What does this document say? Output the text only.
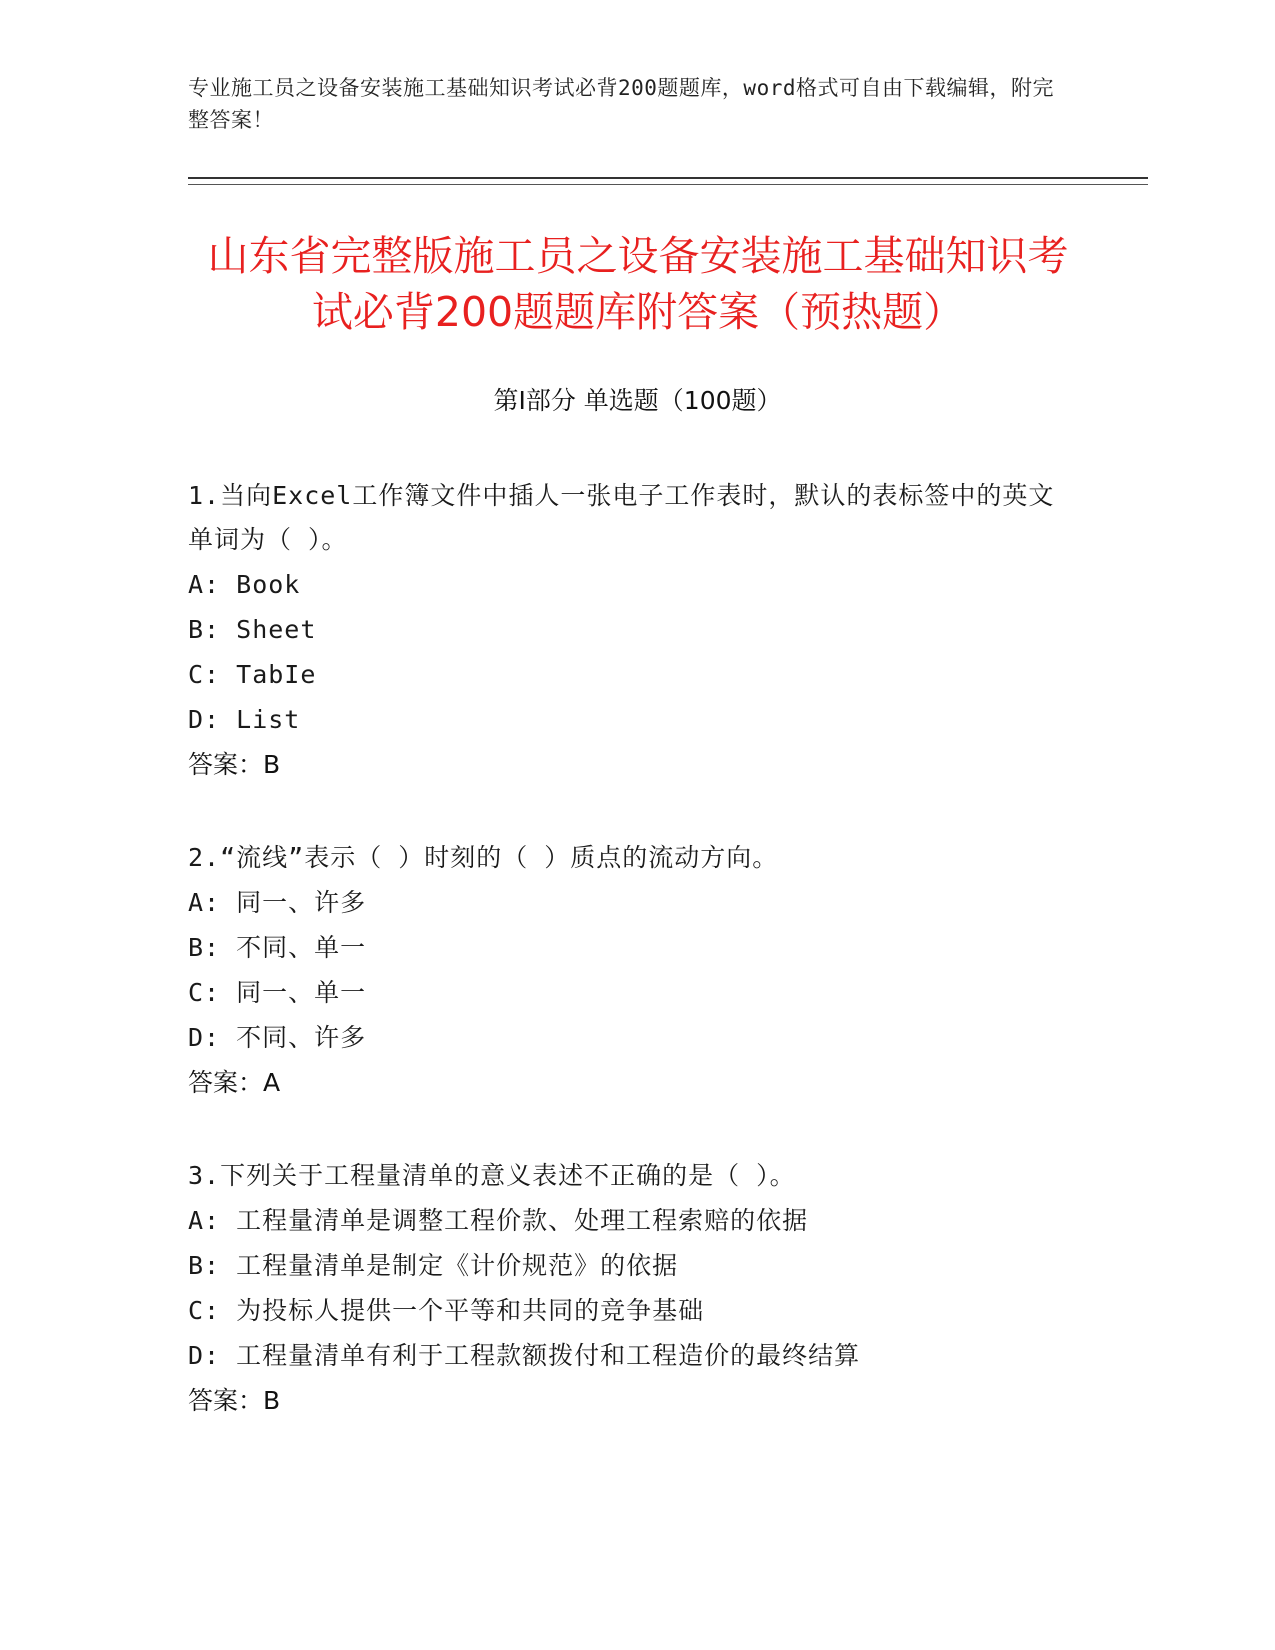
专业施工员之设备安装施工基础知识考试必背200题题库，word格式可自由下载编辑，附完整答案！
山东省完整版施工员之设备安装施工基础知识考试必背200题题库附答案（预热题）
第Ⅰ部分 单选题（100题）
1.当向Excel工作簿文件中插人一张电子工作表时，默认的表标签中的英文单词为（ ）。
A: Book
B: Sheet
C: TabIe
D: List
答案：B
2.“流线”表示（ ）时刻的（ ）质点的流动方向。
A: 同一、许多
B: 不同、单一
C: 同一、单一
D: 不同、许多
答案：A
3.下列关于工程量清单的意义表述不正确的是（ ）。
A: 工程量清单是调整工程价款、处理工程索赔的依据
B: 工程量清单是制定《计价规范》的依据
C: 为投标人提供一个平等和共同的竞争基础
D: 工程量清单有利于工程款额拨付和工程造价的最终结算
答案：B
